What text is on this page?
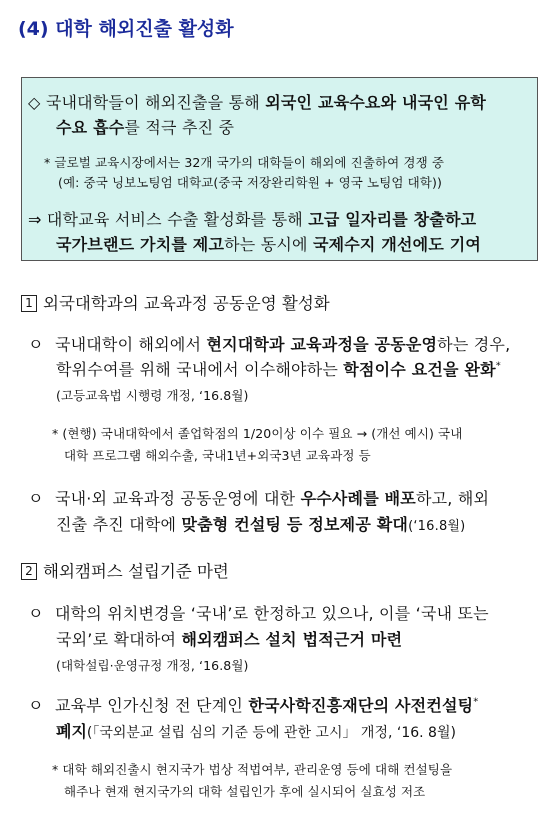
(4) 대학 해외진출 활성화
◇ 국내대학들이 해외진출을 통해 외국인 교육수요와 내국인 유학
수요 흡수를 적극 추진 중
* 글로벌 교육시장에서는 32개 국가의 대학들이 해외에 진출하여 경쟁 중
(예: 중국 닝보노팅엄 대학교(중국 저장완리학원 + 영국 노팅엄 대학))
⇒ 대학교육 서비스 수출 활성화를 통해 고급 일자리를 창출하고
국가브랜드 가치를 제고하는 동시에 국제수지 개선에도 기여
1 외국대학과의 교육과정 공동운영 활성화
ㅇ 국내대학이 해외에서 현지대학과 교육과정을 공동운영하는 경우,
학위수여를 위해 국내에서 이수해야하는 학점이수 요건을 완화*
(고등교육법 시행령 개정, ‘16.8월)
* (현행) 국내대학에서 졸업학점의 1/20이상 이수 필요 → (개선 예시) 국내
대학 프로그램 해외수출, 국내1년+외국3년 교육과정 등
ㅇ 국내·외 교육과정 공동운영에 대한 우수사례를 배포하고, 해외
진출 추진 대학에 맞춤형 컨설팅 등 정보제공 확대(‘16.8월)
2 해외캠퍼스 설립기준 마련
ㅇ 대학의 위치변경을 ‘국내’로 한정하고 있으나, 이를 ‘국내 또는
국외’로 확대하여 해외캠퍼스 설치 법적근거 마련
(대학설립·운영규정 개정, ‘16.8월)
ㅇ 교육부 인가신청 전 단계인 한국사학진흥재단의 사전컨설팅*
폐지(「국외분교 설립 심의 기준 등에 관한 고시」 개정, ‘16. 8월)
* 대학 해외진출시 현지국가 법상 적법여부, 관리운영 등에 대해 컨설팅을
해주나 현재 현지국가의 대학 설립인가 후에 실시되어 실효성 저조
